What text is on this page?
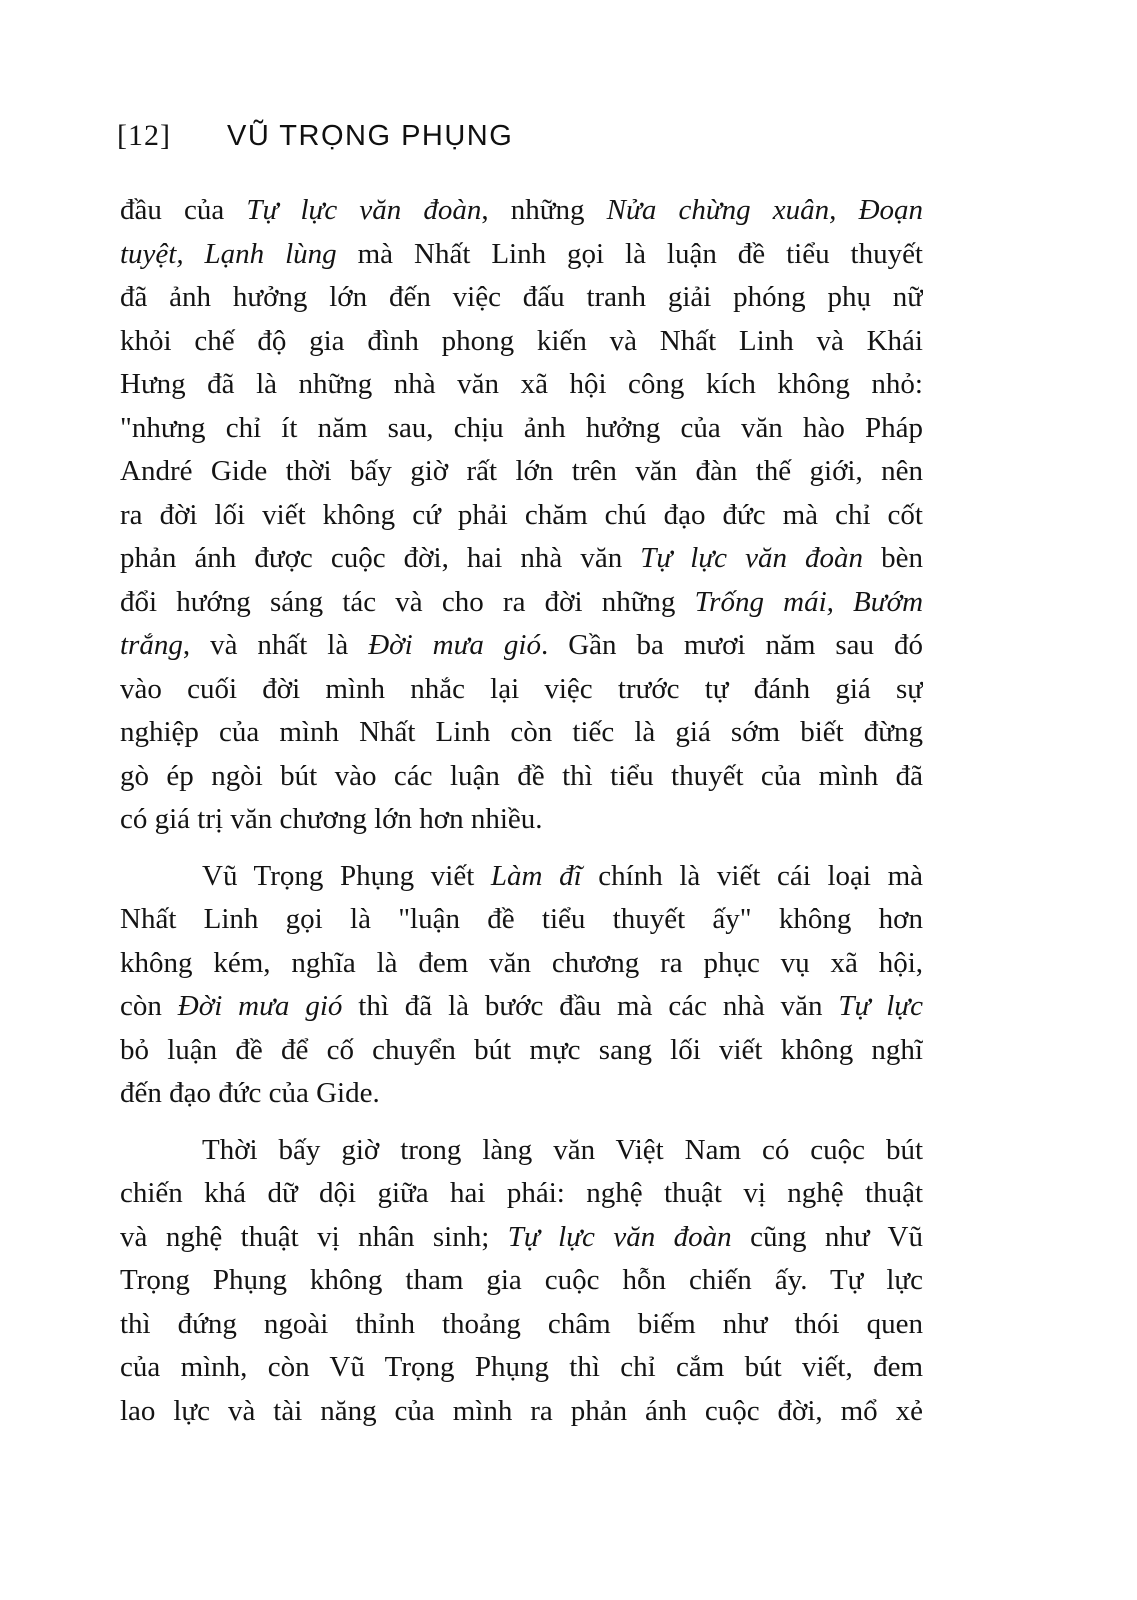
[12] VŨ TRỌNG PHỤNG

đầu của Tự lực văn đoàn, những Nửa chừng xuân, Đoạn
tuyệt, Lạnh lùng mà Nhất Linh gọi là luận đề tiểu thuyết
đã ảnh hưởng lớn đến việc đấu tranh giải phóng phụ nữ
khỏi chế độ gia đình phong kiến và Nhất Linh và Khái
Hưng đã là những nhà văn xã hội công kích không nhỏ:
"nhưng chỉ ít năm sau, chịu ảnh hưởng của văn hào Pháp
André Gide thời bấy giờ rất lớn trên văn đàn thế giới, nên
ra đời lối viết không cứ phải chăm chú đạo đức mà chỉ cốt
phản ánh được cuộc đời, hai nhà văn Tự lực văn đoàn bèn
đổi hướng sáng tác và cho ra đời những Trống mái, Bướm
trắng, và nhất là Đời mưa gió. Gần ba mươi năm sau đó
vào cuối đời mình nhắc lại việc trước tự đánh giá sự
nghiệp của mình Nhất Linh còn tiếc là giá sớm biết đừng
gò ép ngòi bút vào các luận đề thì tiểu thuyết của mình đã
có giá trị văn chương lớn hơn nhiều.

Vũ Trọng Phụng viết Làm đĩ chính là viết cái loại mà
Nhất Linh gọi là "luận đề tiểu thuyết ấy" không hơn
không kém, nghĩa là đem văn chương ra phục vụ xã hội,
còn Đời mưa gió thì đã là bước đầu mà các nhà văn Tự lực
bỏ luận đề để cố chuyển bút mực sang lối viết không nghĩ
đến đạo đức của Gide.

Thời bấy giờ trong làng văn Việt Nam có cuộc bút
chiến khá dữ dội giữa hai phái: nghệ thuật vị nghệ thuật
và nghệ thuật vị nhân sinh; Tự lực văn đoàn cũng như Vũ
Trọng Phụng không tham gia cuộc hỗn chiến ấy. Tự lực
thì đứng ngoài thỉnh thoảng châm biếm như thói quen
của mình, còn Vũ Trọng Phụng thì chỉ cắm bút viết, đem
lao lực và tài năng của mình ra phản ánh cuộc đời, mổ xẻ
